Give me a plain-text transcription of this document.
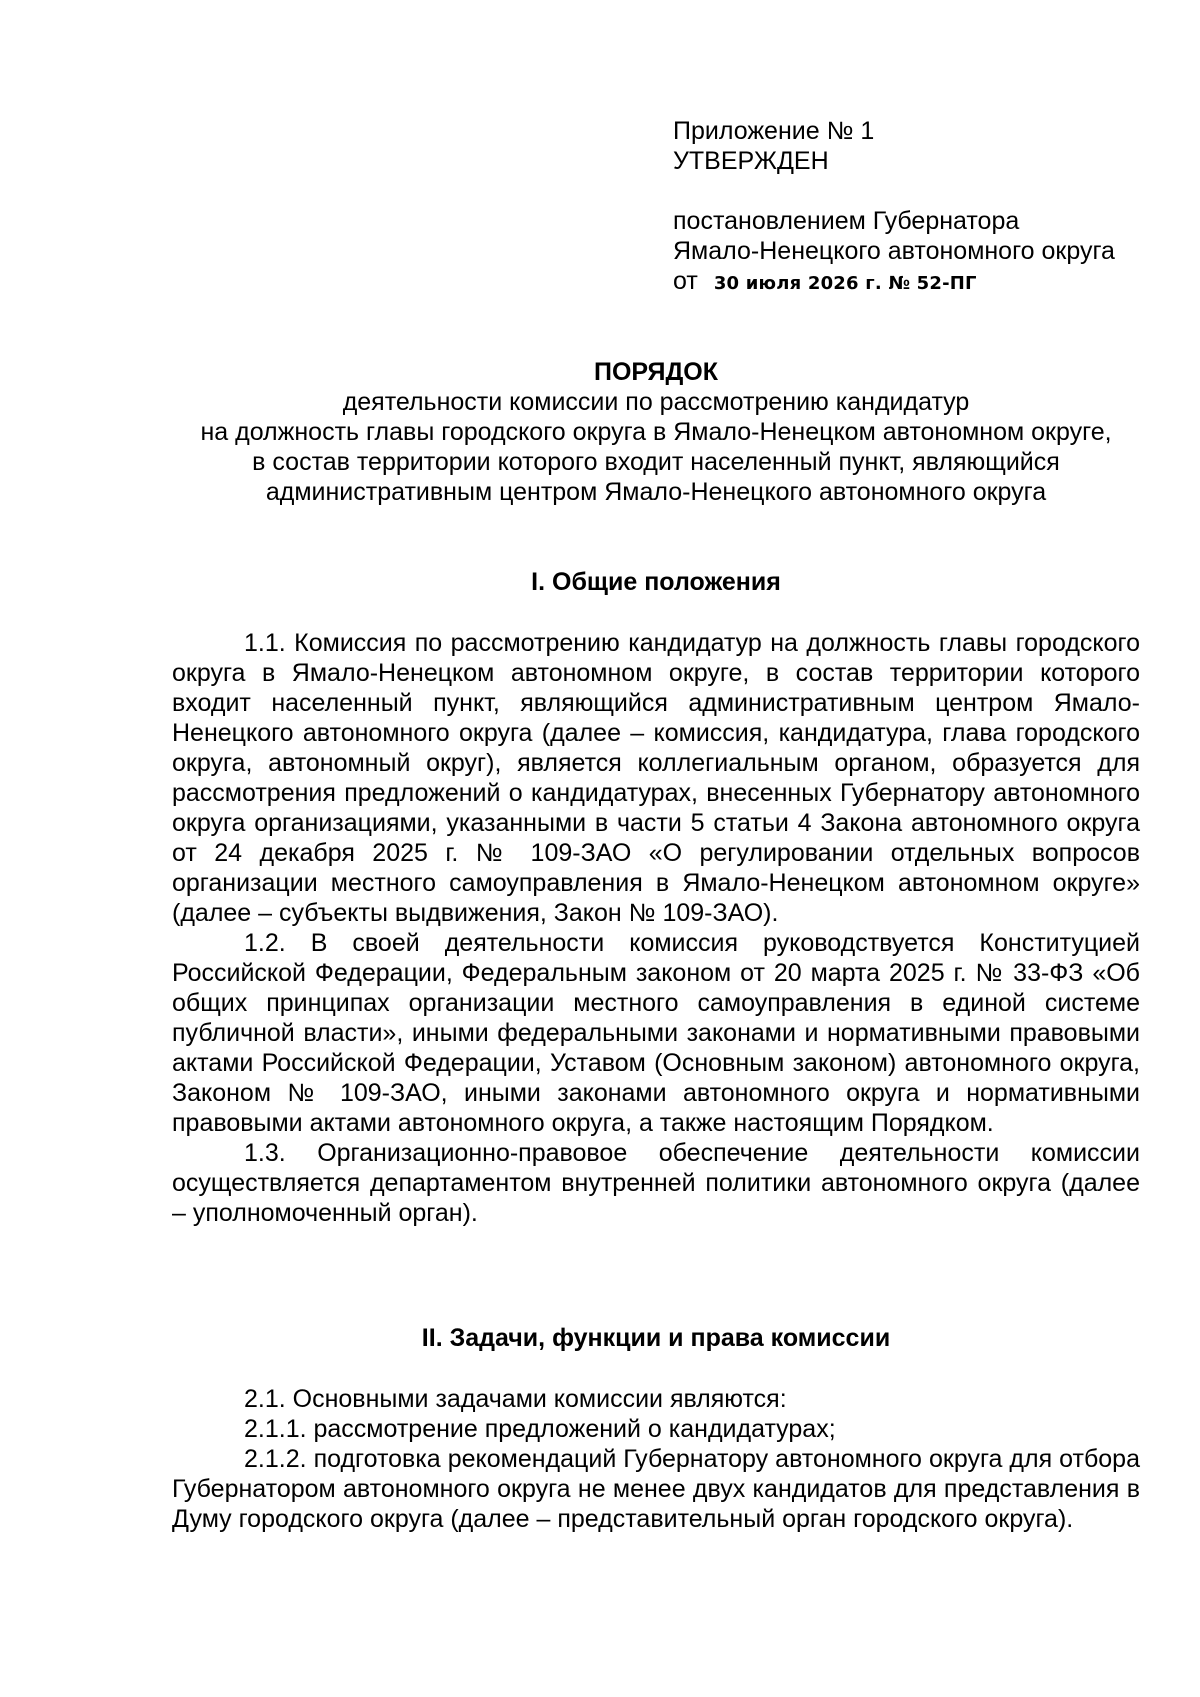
Приложение № 1
УТВЕРЖДЕН
постановлением Губернатора
Ямало-Ненецкого автономного округа
от 30 июля 2026 г. № 52-ПГ
ПОРЯДОК
деятельности комиссии по рассмотрению кандидатур
на должность главы городского округа в Ямало-Ненецком автономном округе,
в состав территории которого входит населенный пункт, являющийся
административным центром Ямало-Ненецкого автономного округа
I. Общие положения

1.1. Комиссия по рассмотрению кандидатур на должность главы городского округа в Ямало-Ненецком автономном округе, в состав территории которого входит населенный пункт, являющийся административным центром Ямало-Ненецкого автономного округа (далее – комиссия, кандидатура, глава городского округа, автономный округ), является коллегиальным органом, образуется для рассмотрения предложений о кандидатурах, внесенных Губернатору автономного округа организациями, указанными в части 5 статьи 4 Закона автономного округа от 24 декабря 2025 г. № 109-ЗАО «О регулировании отдельных вопросов организации местного самоуправления в Ямало-Ненецком автономном округе» (далее – субъекты выдвижения, Закон № 109-ЗАО).

1.2. В своей деятельности комиссия руководствуется Конституцией Российской Федерации, Федеральным законом от 20 марта 2025 г. № 33-ФЗ «Об общих принципах организации местного самоуправления в единой системе публичной власти», иными федеральными законами и нормативными правовыми актами Российской Федерации, Уставом (Основным законом) автономного округа, Законом № 109-ЗАО, иными законами автономного округа и нормативными правовыми актами автономного округа, а также настоящим Порядком.

1.3. Организационно-правовое обеспечение деятельности комиссии осуществляется департаментом внутренней политики автономного округа (далее – уполномоченный орган).

II. Задачи, функции и права комиссии

2.1. Основными задачами комиссии являются:

2.1.1. рассмотрение предложений о кандидатурах;

2.1.2. подготовка рекомендаций Губернатору автономного округа для отбора Губернатором автономного округа не менее двух кандидатов для представления в Думу городского округа (далее – представительный орган городского округа).
